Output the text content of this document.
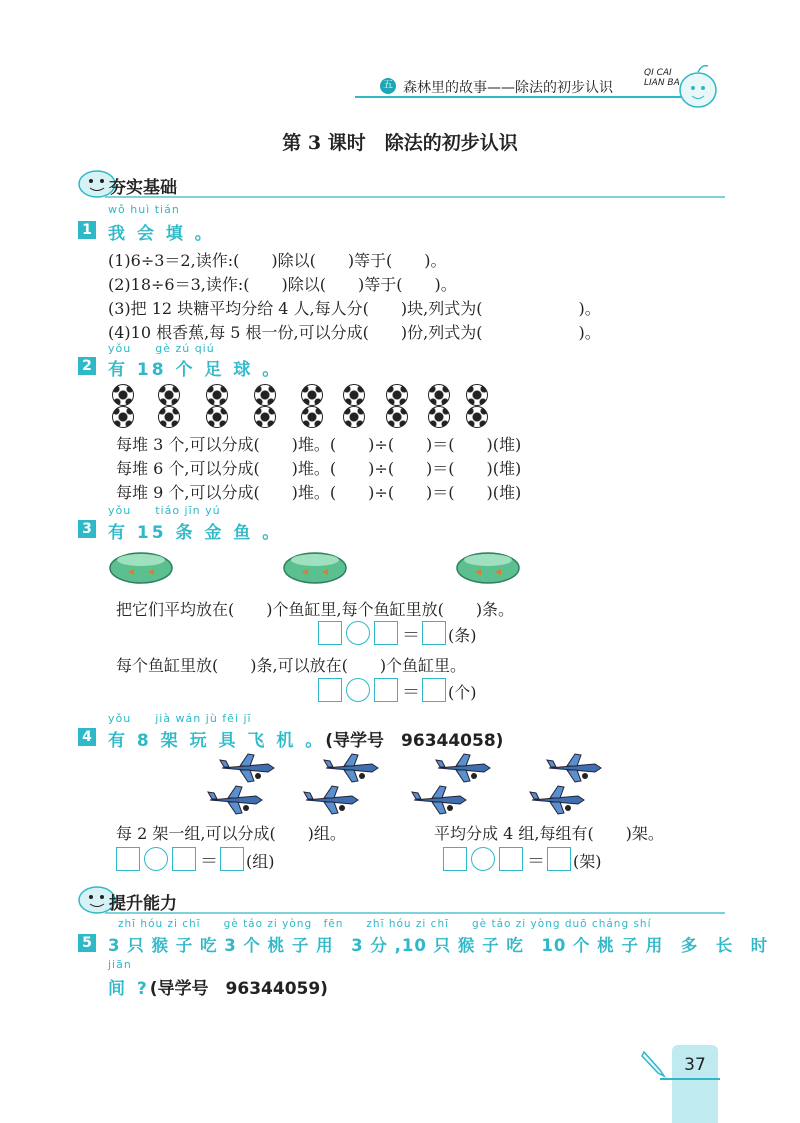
五 森林里的故事——除法的初步认识
QI CAI LIAN BA
第 3 课时　除法的初步认识
夯实基础
wǒ huì tián
1 我 会 填 。
(1)6÷3＝2,读作:(　　)除以(　　)等于(　　)。
(2)18÷6＝3,读作:(　　)除以(　　)等于(　　)。
(3)把 12 块糖平均分给 4 人,每人分(　　)块,列式为(　　　　　　)。
(4)10 根香蕉,每 5 根一份,可以分成(　　)份,列式为(　　　　　　)。
yǒu　　gè zú qiú
2 有 18 个 足 球 。
每堆 3 个,可以分成(　　)堆。(　　)÷(　　)＝(　　)(堆)
每堆 6 个,可以分成(　　)堆。(　　)÷(　　)＝(　　)(堆)
每堆 9 个,可以分成(　　)堆。(　　)÷(　　)＝(　　)(堆)
yǒu　　tiáo jīn yú
3 有 15 条 金 鱼 。
把它们平均放在(　　)个鱼缸里,每个鱼缸里放(　　)条。
＝ (条)
每个鱼缸里放(　　)条,可以放在(　　)个鱼缸里。
＝ (个)
yǒu　　jià wán jù fēi jī
4 有 8 架 玩 具 飞 机 。(导学号　96344058)
每 2 架一组,可以分成(　　)组。	平均分成 4 组,每组有(　　)架。
＝ (组)	＝ (架)
提升能力
zhī hóu zi chī　　gè táo zi yòng　fēn　　zhī hóu zi chī　　gè táo zi yòng duō cháng shí
5 3 只 猴 子 吃 3 个 桃 子 用　3 分 ,10 只 猴 子 吃　10 个 桃 子 用　多　长　时
jiān
间 ?(导学号　96344059)
37
